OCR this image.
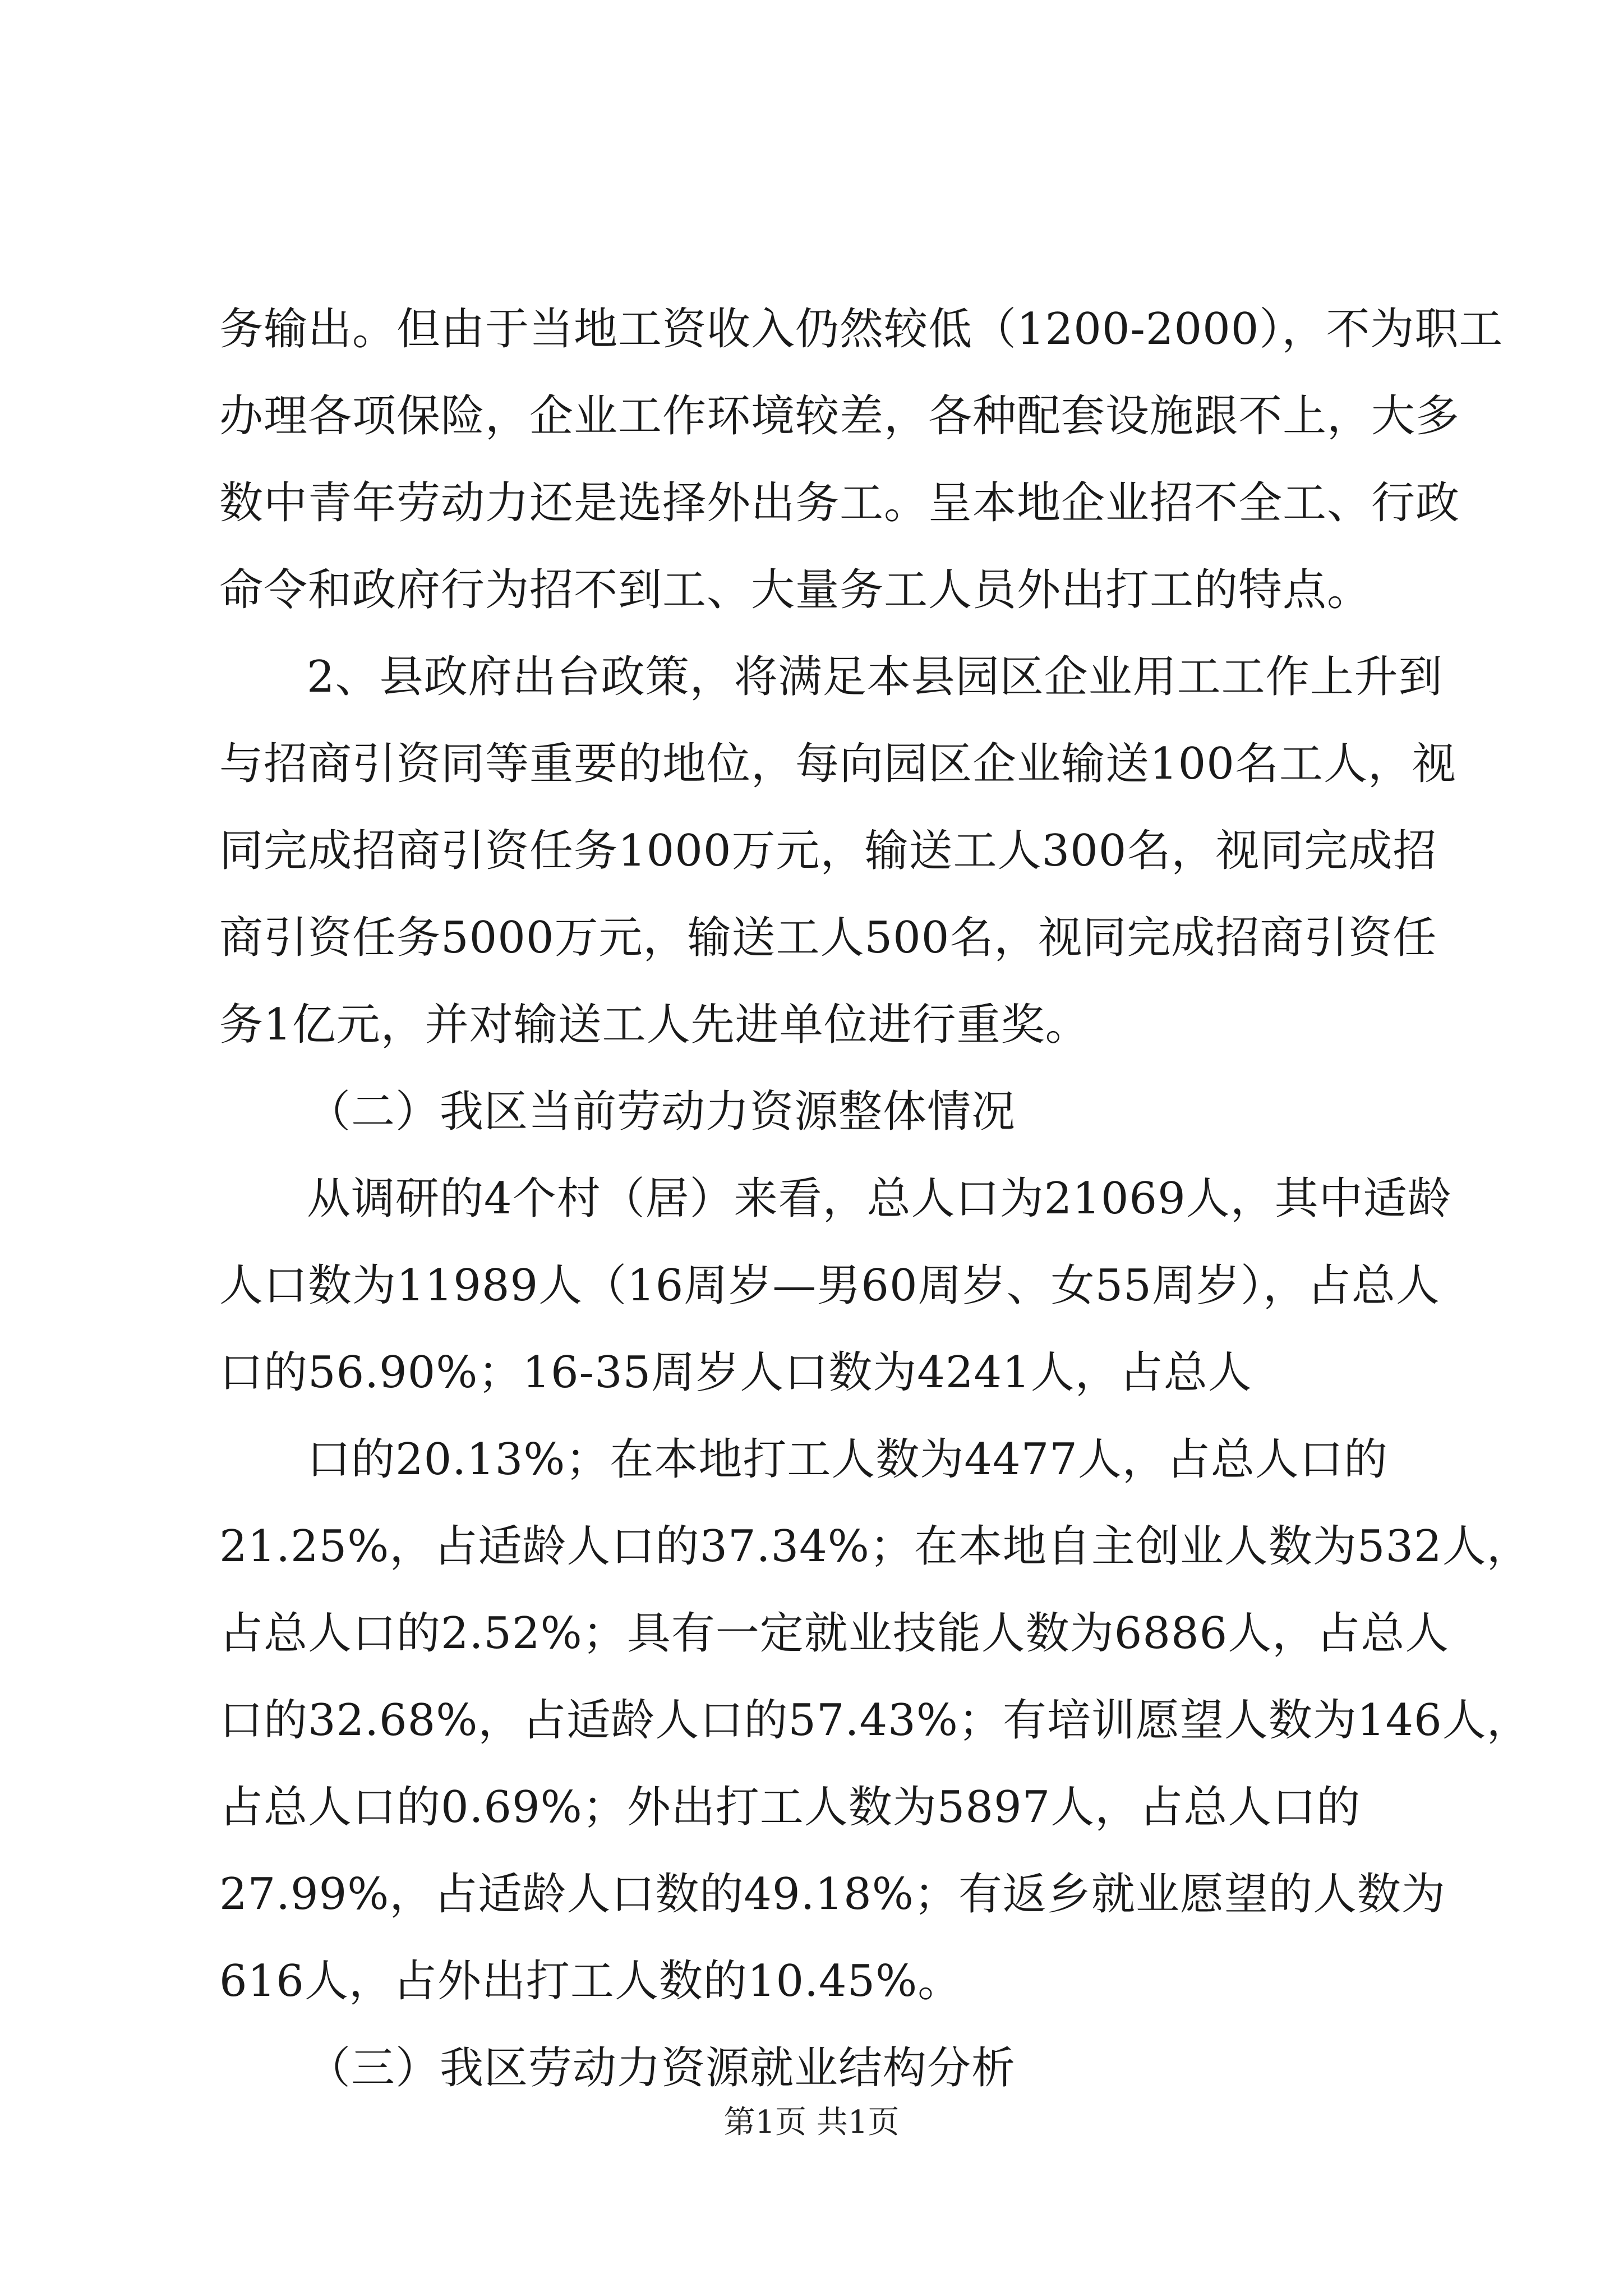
务输出。但由于当地工资收入仍然较低（1200-2000），不为职工
办理各项保险，企业工作环境较差，各种配套设施跟不上，大多
数中青年劳动力还是选择外出务工。呈本地企业招不全工、行政
命令和政府行为招不到工、大量务工人员外出打工的特点。
2、县政府出台政策，将满足本县园区企业用工工作上升到
与招商引资同等重要的地位，每向园区企业输送100名工人，视
同完成招商引资任务1000万元，输送工人300名，视同完成招
商引资任务5000万元，输送工人500名，视同完成招商引资任
务1亿元，并对输送工人先进单位进行重奖。
（二）我区当前劳动力资源整体情况
从调研的4个村（居）来看，总人口为21069人，其中适龄
人口数为11989人（16周岁—男60周岁、女55周岁），占总人
口的56.90%；16-35周岁人口数为4241人，占总人
口的20.13%；在本地打工人数为4477人，占总人口的
21.25%，占适龄人口的37.34%；在本地自主创业人数为532人，
占总人口的2.52%；具有一定就业技能人数为6886人，占总人
口的32.68%，占适龄人口的57.43%；有培训愿望人数为146人，
占总人口的0.69%；外出打工人数为5897人，占总人口的
27.99%，占适龄人口数的49.18%；有返乡就业愿望的人数为
616人，占外出打工人数的10.45%。
（三）我区劳动力资源就业结构分析
第1页 共1页
